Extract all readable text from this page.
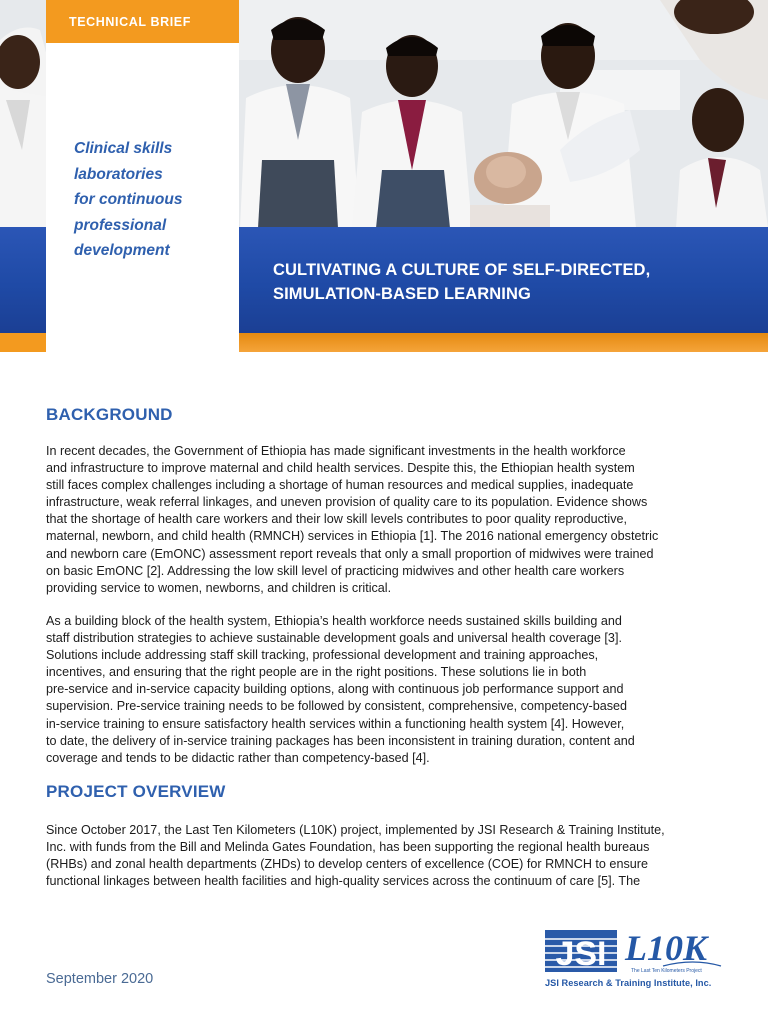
TECHNICAL BRIEF
Clinical skills
laboratories
for continuous
professional
development
CULTIVATING A CULTURE OF SELF-DIRECTED,
SIMULATION-BASED LEARNING
BACKGROUND
In recent decades, the Government of Ethiopia has made significant investments in the health workforce
and infrastructure to improve maternal and child health services. Despite this, the Ethiopian health system
still faces complex challenges including a shortage of human resources and medical supplies, inadequate
infrastructure, weak referral linkages, and uneven provision of quality care to its population. Evidence shows
that the shortage of health care workers and their low skill levels contributes to poor quality reproductive,
maternal, newborn, and child health (RMNCH) services in Ethiopia [1]. The 2016 national emergency obstetric
and newborn care (EmONC) assessment report reveals that only a small proportion of midwives were trained
on basic EmONC [2]. Addressing the low skill level of practicing midwives and other health care workers
providing service to women, newborns, and children is critical.
As a building block of the health system, Ethiopia’s health workforce needs sustained skills building and
staff distribution strategies to achieve sustainable development goals and universal health coverage [3].
Solutions include addressing staff skill tracking, professional development and training approaches,
incentives, and ensuring that the right people are in the right positions. These solutions lie in both
pre-service and in-service capacity building options, along with continuous job performance support and
supervision. Pre-service training needs to be followed by consistent, comprehensive, competency-based
in-service training to ensure satisfactory health services within a functioning health system [4]. However,
to date, the delivery of in-service training packages has been inconsistent in training duration, content and
coverage and tends to be didactic rather than competency-based [4].
PROJECT OVERVIEW
Since October 2017, the Last Ten Kilometers (L10K) project, implemented by JSI Research & Training Institute,
Inc. with funds from the Bill and Melinda Gates Foundation, has been supporting the regional health bureaus
(RHBs) and zonal health departments (ZHDs) to develop centers of excellence (COE) for RMNCH to ensure
functional linkages between health facilities and high-quality services across the continuum of care [5]. The
September 2020
JSI L10K
The Last Ten Kilometers Project
JSI Research & Training Institute, Inc.
